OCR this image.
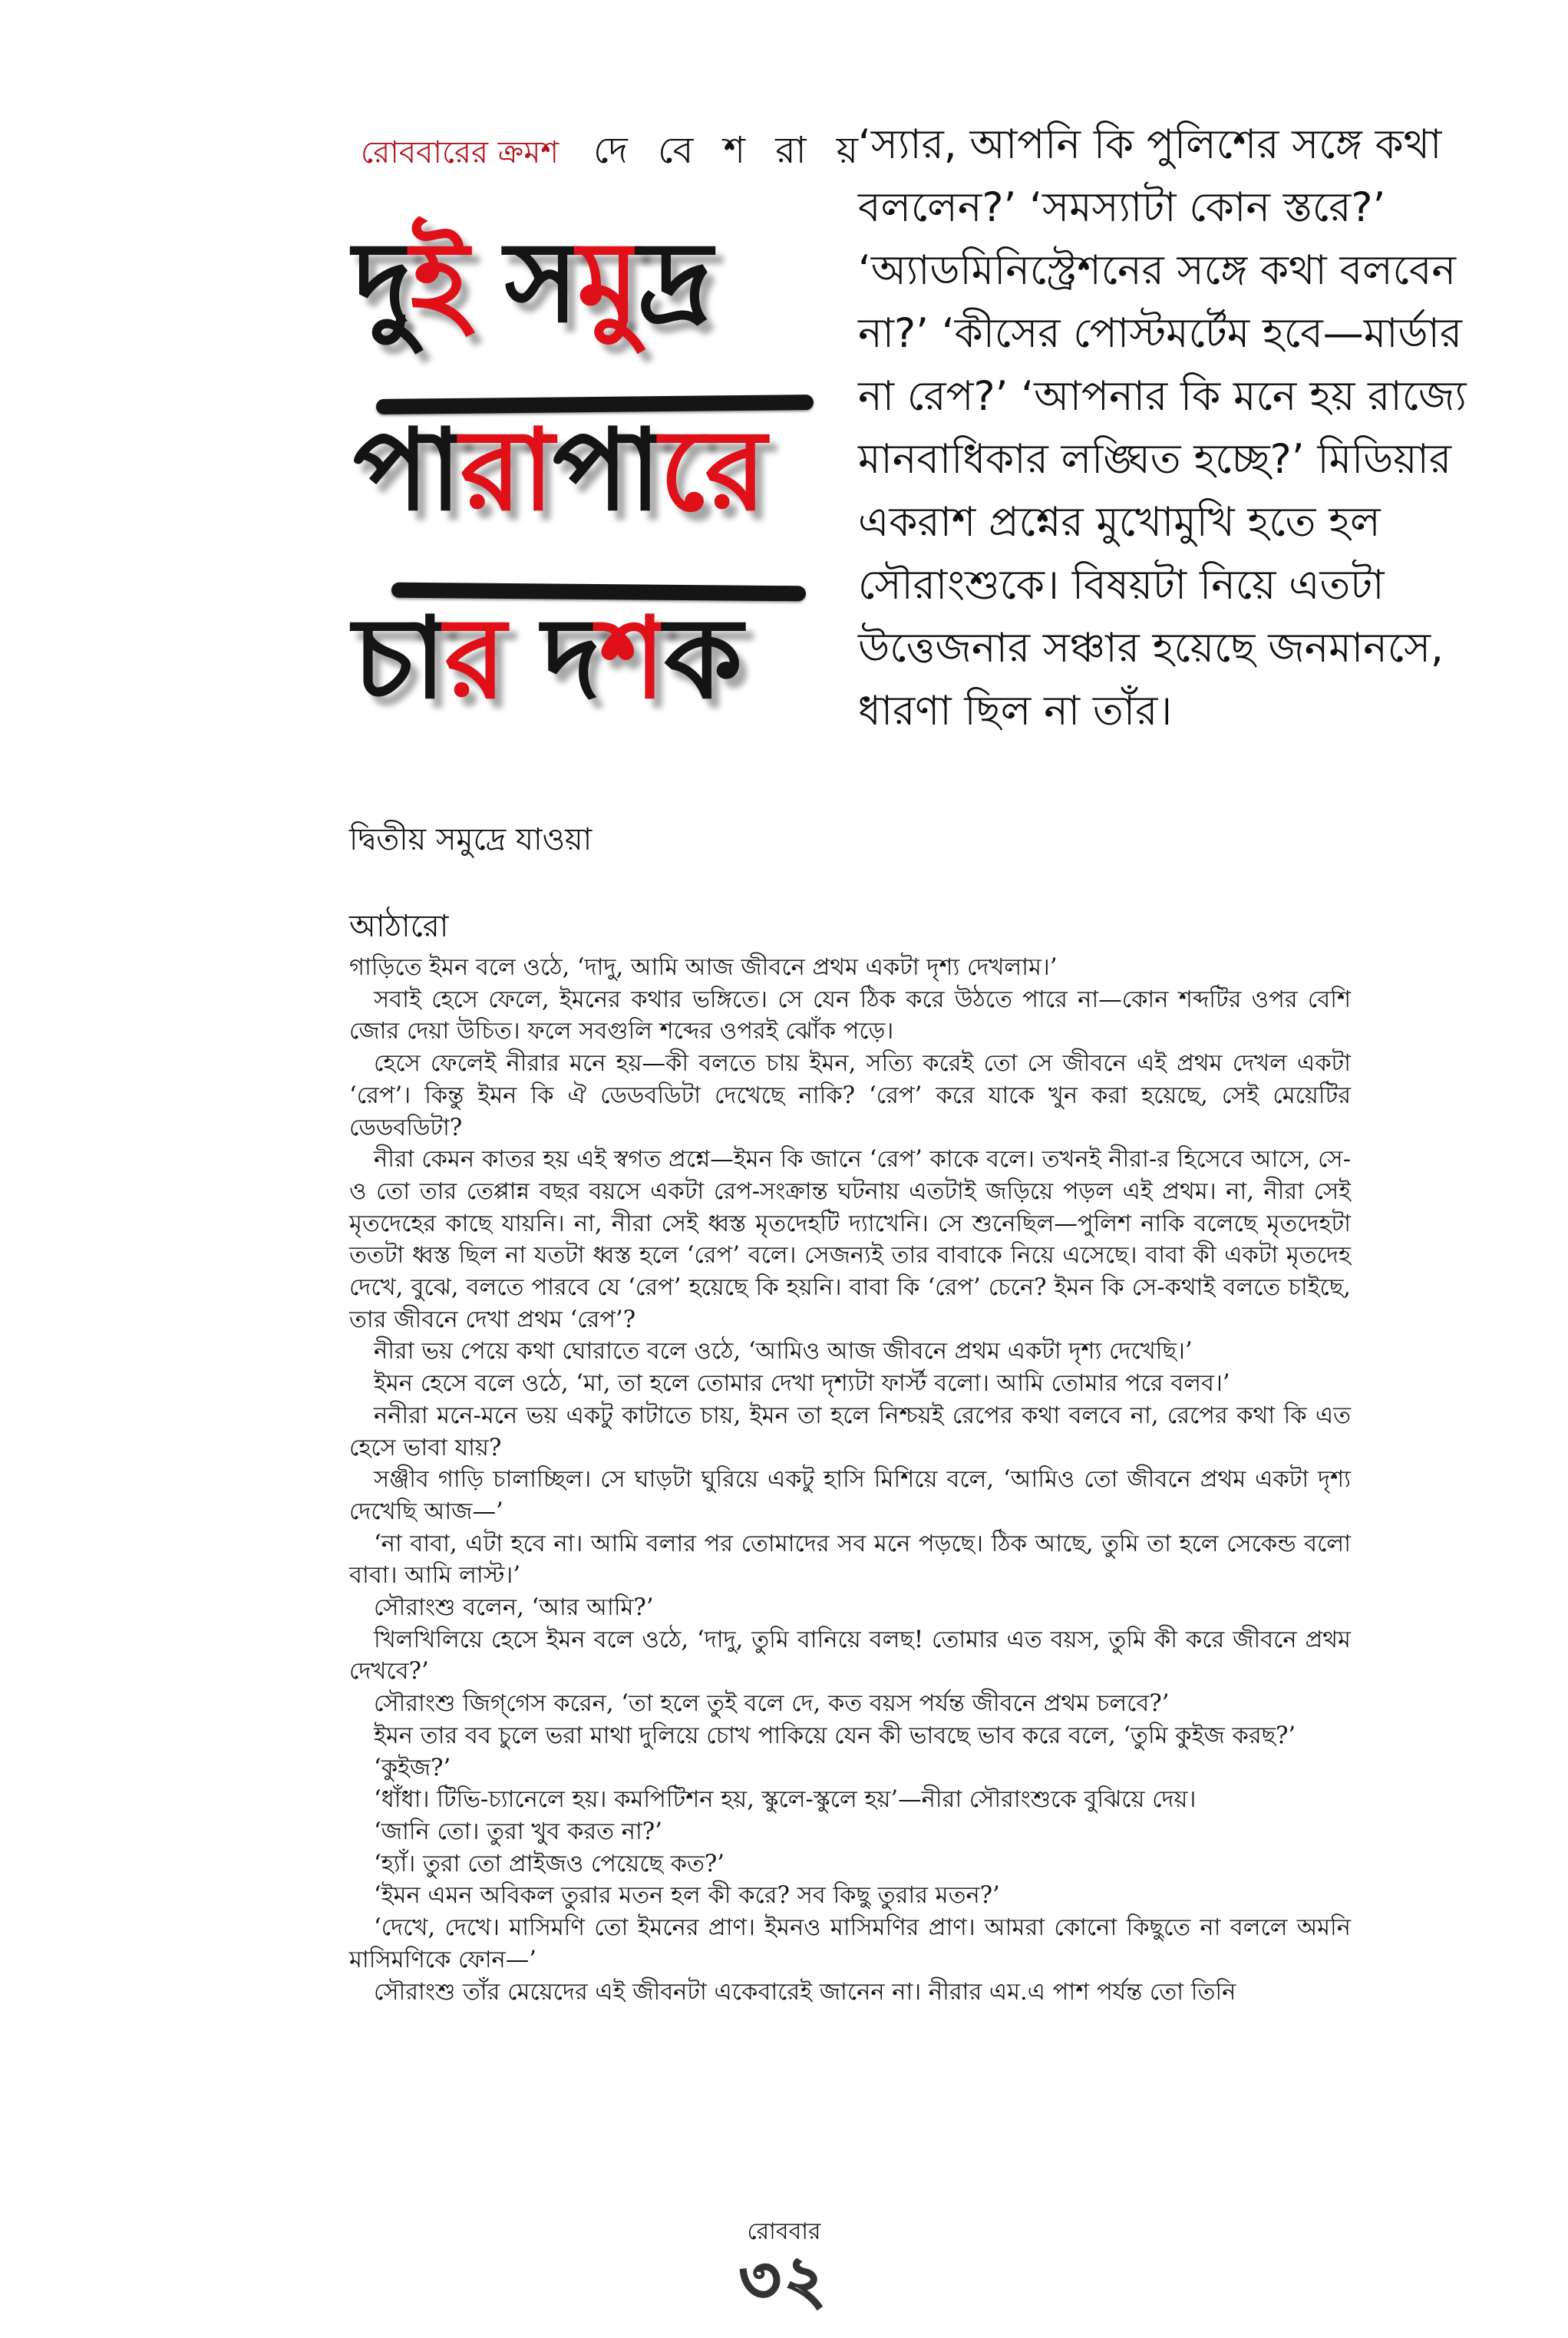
রোববারের ক্রমশ দে বে শ রা য়
দুই সমুদ্র
পারাপারে
চার দশক

‘স্যার, আপনি কি পুলিশের সঙ্গে কথা বললেন?’ ‘সমস্যাটা কোন স্তরে?’ ‘অ্যাডমিনিস্ট্রেশনের সঙ্গে কথা বলবেন না?’ ‘কীসের পোস্টমর্টেম হবে—মার্ডার না রেপ?’ ‘আপনার কি মনে হয় রাজ্যে মানবাধিকার লঙ্ঘিত হচ্ছে?’ মিডিয়ার একরাশ প্রশ্নের মুখোমুখি হতে হল সৌরাংশুকে। বিষয়টা নিয়ে এতটা উত্তেজনার সঞ্চার হয়েছে জনমানসে, ধারণা ছিল না তাঁর।

দ্বিতীয় সমুদ্রে যাওয়া
আঠারো

গাড়িতে ইমন বলে ওঠে, ‘দাদু, আমি আজ জীবনে প্রথম একটা দৃশ্য দেখলাম।’

সবাই হেসে ফেলে, ইমনের কথার ভঙ্গিতে। সে যেন ঠিক করে উঠতে পারে না—কোন শব্দটির ওপর বেশি জোর দেয়া উচিত। ফলে সবগুলি শব্দের ওপরই ঝোঁক পড়ে।

হেসে ফেলেই নীরার মনে হয়—কী বলতে চায় ইমন, সত্যি করেই তো সে জীবনে এই প্রথম দেখল একটা ‘রেপ’। কিন্তু ইমন কি ঐ ডেডবডিটা দেখেছে নাকি? ‘রেপ’ করে যাকে খুন করা হয়েছে, সেই মেয়েটির ডেডবডিটা?

নীরা কেমন কাতর হয় এই স্বগত প্রশ্নে—ইমন কি জানে ‘রেপ’ কাকে বলে। তখনই নীরা-র হিসেবে আসে, সে-ও তো তার তেপ্পান্ন বছর বয়সে একটা রেপ-সংক্রান্ত ঘটনায় এতটাই জড়িয়ে পড়ল এই প্রথম। না, নীরা সেই মৃতদেহের কাছে যায়নি। না, নীরা সেই ধ্বস্ত মৃতদেহটি দ্যাখেনি। সে শুনেছিল—পুলিশ নাকি বলেছে মৃতদেহটা ততটা ধ্বস্ত ছিল না যতটা ধ্বস্ত হলে ‘রেপ’ বলে। সেজন্যই তার বাবাকে নিয়ে এসেছে। বাবা কী একটা মৃতদেহ দেখে, বুঝে, বলতে পারবে যে ‘রেপ’ হয়েছে কি হয়নি। বাবা কি ‘রেপ’ চেনে? ইমন কি সে-কথাই বলতে চাইছে, তার জীবনে দেখা প্রথম ‘রেপ’?

নীরা ভয় পেয়ে কথা ঘোরাতে বলে ওঠে, ‘আমিও আজ জীবনে প্রথম একটা দৃশ্য দেখেছি।’

ইমন হেসে বলে ওঠে, ‘মা, তা হলে তোমার দেখা দৃশ্যটা ফার্স্ট বলো। আমি তোমার পরে বলব।’

ননীরা মনে-মনে ভয় একটু কাটাতে চায়, ইমন তা হলে নিশ্চয়ই রেপের কথা বলবে না, রেপের কথা কি এত হেসে ভাবা যায়?

সঞ্জীব গাড়ি চালাচ্ছিল। সে ঘাড়টা ঘুরিয়ে একটু হাসি মিশিয়ে বলে, ‘আমিও তো জীবনে প্রথম একটা দৃশ্য দেখেছি আজ—’

‘না বাবা, এটা হবে না। আমি বলার পর তোমাদের সব মনে পড়ছে। ঠিক আছে, তুমি তা হলে সেকেন্ড বলো বাবা। আমি লাস্ট।’

সৌরাংশু বলেন, ‘আর আমি?’

খিলখিলিয়ে হেসে ইমন বলে ওঠে, ‘দাদু, তুমি বানিয়ে বলছ! তোমার এত বয়স, তুমি কী করে জীবনে প্রথম দেখবে?’

সৌরাংশু জিগ্‌গেস করেন, ‘তা হলে তুই বলে দে, কত বয়স পর্যন্ত জীবনে প্রথম চলবে?’

ইমন তার বব চুলে ভরা মাথা দুলিয়ে চোখ পাকিয়ে যেন কী ভাবছে ভাব করে বলে, ‘তুমি কুইজ করছ?’

‘কুইজ?’

‘ধাঁধা। টিভি-চ্যানেলে হয়। কমপিটিশন হয়, স্কুলে-স্কুলে হয়’—নীরা সৌরাংশুকে বুঝিয়ে দেয়।

‘জানি তো। তুরা খুব করত না?’

‘হ্যাঁ। তুরা তো প্রাইজও পেয়েছে কত?’

‘ইমন এমন অবিকল তুরার মতন হল কী করে? সব কিছু তুরার মতন?’

‘দেখে, দেখে। মাসিমণি তো ইমনের প্রাণ। ইমনও মাসিমণির প্রাণ। আমরা কোনো কিছুতে না বললে অমনি মাসিমণিকে ফোন—’

সৌরাংশু তাঁর মেয়েদের এই জীবনটা একেবারেই জানেন না। নীরার এম.এ পাশ পর্যন্ত তো তিনি

রোববার
৩২
